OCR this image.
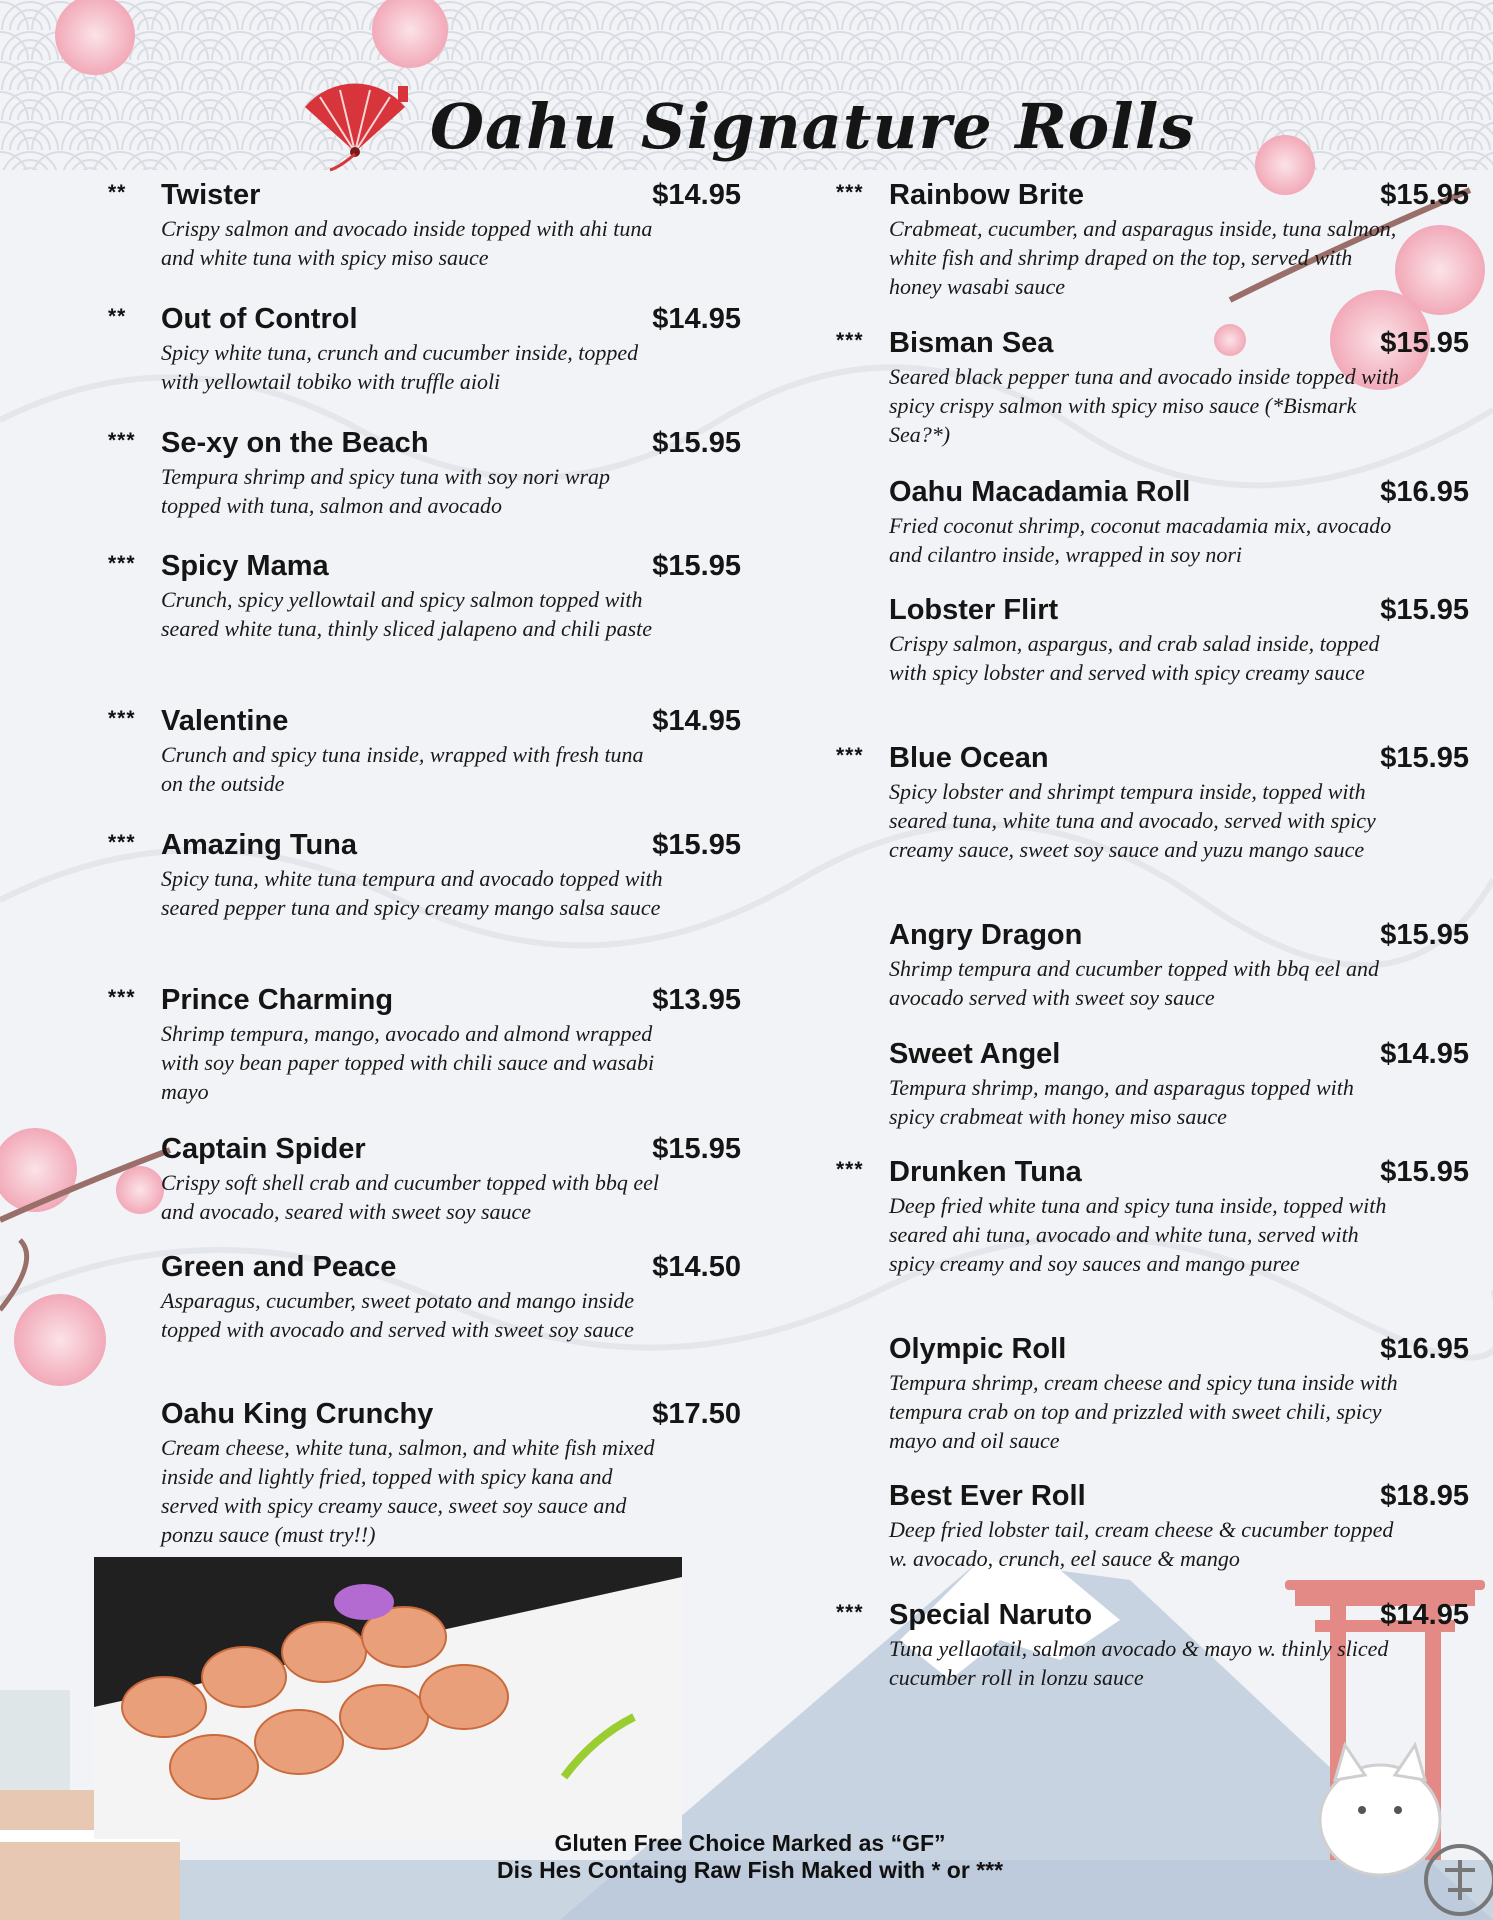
Oahu Signature Rolls
**	Twister	$14.95
Crispy salmon and avocado inside topped with ahi tuna and white tuna with spicy miso sauce
**	Out of Control	$14.95
Spicy white tuna, crunch and cucumber inside, topped with yellowtail tobiko with truffle aioli
*** Se-xy on the Beach	$15.95
Tempura shrimp and spicy tuna with soy nori wrap topped with tuna, salmon and avocado
*** Spicy Mama	$15.95
Crunch, spicy yellowtail and spicy salmon topped with seared white tuna, thinly sliced jalapeno and chili paste
*** Valentine	$14.95
Crunch and spicy tuna inside, wrapped with fresh tuna on the outside
*** Amazing Tuna	$15.95
Spicy tuna, white tuna tempura and avocado topped with seared pepper tuna and spicy creamy mango salsa sauce
*** Prince Charming	$13.95
Shrimp tempura, mango, avocado and almond wrapped with soy bean paper topped with chili sauce and wasabi mayo
Captain Spider	$15.95
Crispy soft shell crab and cucumber topped with bbq eel and avocado, seared with sweet soy sauce
Green and Peace	$14.50
Asparagus, cucumber, sweet potato and mango inside topped with avocado and served with sweet soy sauce
Oahu King Crunchy	$17.50
Cream cheese, white tuna, salmon, and white fish mixed inside and lightly fried, topped with spicy kana and served with spicy creamy sauce, sweet soy sauce and ponzu sauce (must try!!)
*** Rainbow Brite	$15.95
Crabmeat, cucumber, and asparagus inside, tuna salmon, white fish and shrimp draped on the top, served with honey wasabi sauce
*** Bisman Sea	$15.95
Seared black pepper tuna and avocado inside topped with spicy crispy salmon with spicy miso sauce (*Bismark Sea?*)
Oahu Macadamia Roll	$16.95
Fried coconut shrimp, coconut macadamia mix, avocado and cilantro inside, wrapped in soy nori
Lobster Flirt	$15.95
Crispy salmon, aspargus, and crab salad inside, topped with spicy lobster and served with spicy creamy sauce
*** Blue Ocean	$15.95
Spicy lobster and shrimpt tempura inside, topped with seared tuna, white tuna and avocado, served with spicy creamy sauce, sweet soy sauce and yuzu mango sauce
Angry Dragon	$15.95
Shrimp tempura and cucumber topped with bbq eel and avocado served with sweet soy sauce
Sweet Angel	$14.95
Tempura shrimp, mango, and asparagus topped with spicy crabmeat with honey miso sauce
*** Drunken Tuna	$15.95
Deep fried white tuna and spicy tuna inside, topped with seared ahi tuna, avocado and white tuna, served with spicy creamy and soy sauces and mango puree
Olympic Roll	$16.95
Tempura shrimp, cream cheese and spicy tuna inside with tempura crab on top and prizzled with sweet chili, spicy mayo and oil sauce
Best Ever Roll	$18.95
Deep fried lobster tail, cream cheese & cucumber topped w. avocado, crunch, eel sauce & mango
*** Special Naruto	$14.95
Tuna yellaotail, salmon avocado & mayo w. thinly sliced cucumber roll in lonzu sauce
Gluten Free Choice Marked as “GF”
Dis Hes Containg Raw Fish Maked with * or ***
